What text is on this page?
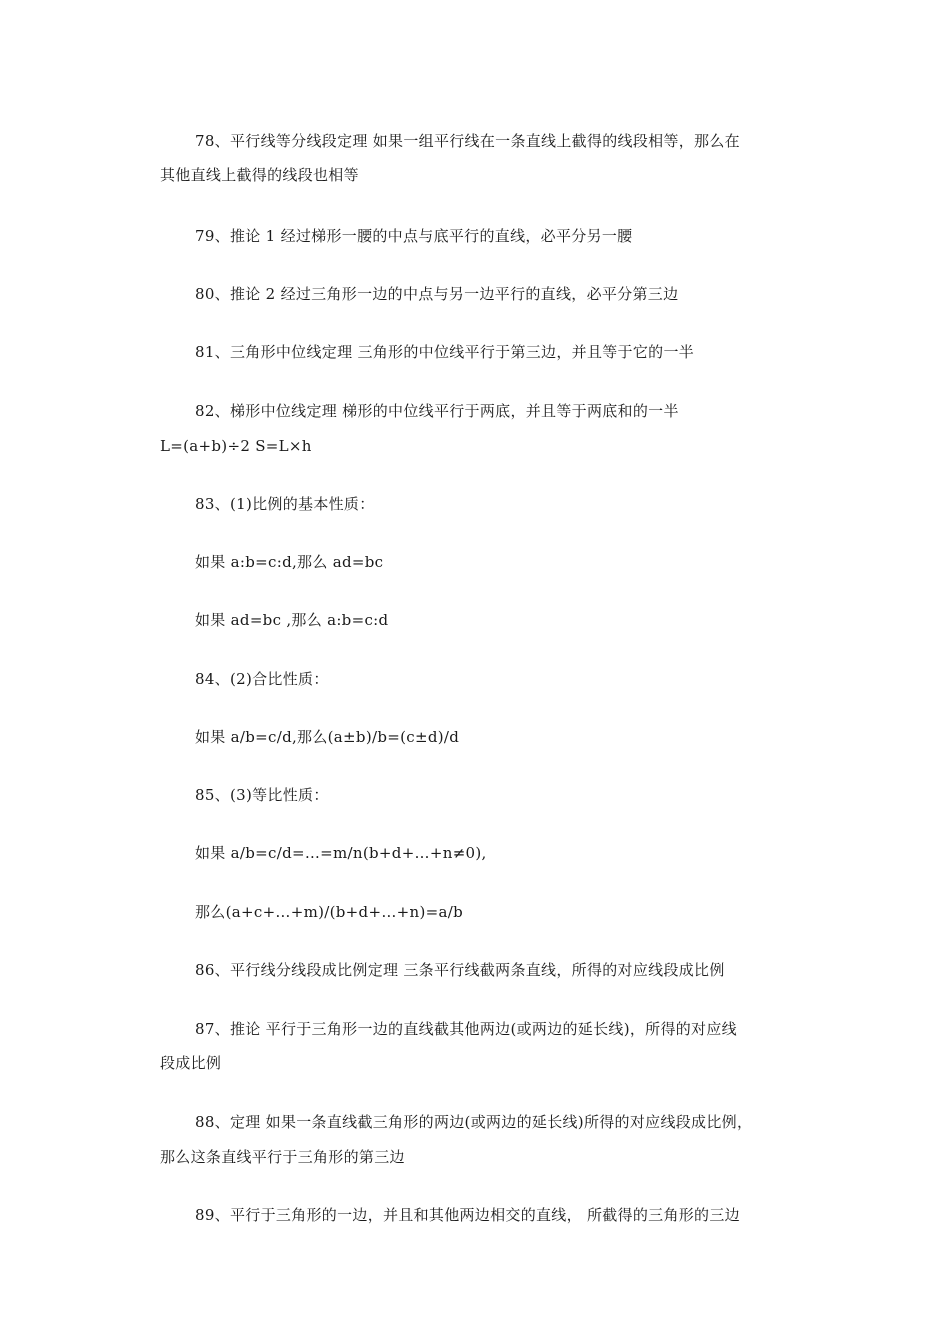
78、平行线等分线段定理 如果一组平行线在一条直线上截得的线段相等，那么在
其他直线上截得的线段也相等
79、推论 1 经过梯形一腰的中点与底平行的直线，必平分另一腰
80、推论 2 经过三角形一边的中点与另一边平行的直线，必平分第三边
81、三角形中位线定理 三角形的中位线平行于第三边，并且等于它的一半
82、梯形中位线定理 梯形的中位线平行于两底，并且等于两底和的一半
L=(a+b)÷2 S=L×h
83、(1)比例的基本性质：
如果 a:b=c:d,那么 ad=bc
如果 ad=bc ,那么 a:b=c:d
84、(2)合比性质：
如果 a/b=c/d,那么(a±b)/b=(c±d)/d
85、(3)等比性质：
如果 a/b=c/d=…=m/n(b+d+…+n≠0),
那么(a+c+…+m)/(b+d+…+n)=a/b
86、平行线分线段成比例定理 三条平行线截两条直线，所得的对应线段成比例
87、推论 平行于三角形一边的直线截其他两边(或两边的延长线)，所得的对应线
段成比例
88、定理 如果一条直线截三角形的两边(或两边的延长线)所得的对应线段成比例，
那么这条直线平行于三角形的第三边
89、平行于三角形的一边，并且和其他两边相交的直线， 所截得的三角形的三边
